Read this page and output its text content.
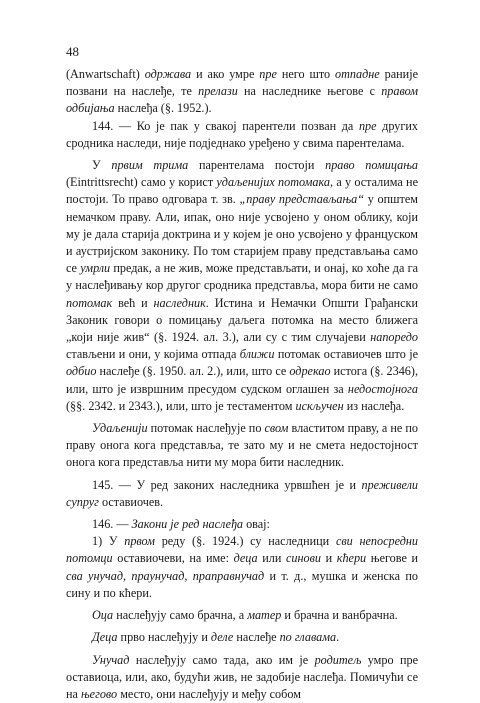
48

(Anwartschaft) одржава и ако умре пре него што отпадне раније позвани на наслеђе, те прелази на наследнике његове с правом одбијања наслеђа (§. 1952.).

144. — Ко је пак у свакој парентели позван да пре других сродника наследи, није подједнако уређено у свима парентелама.

У првим трима парентелама постоји право помицања (Eintrittsrecht) само у корист удаљенијих потомака, а у осталима не постоји. То право одговара т. зв. „праву представљања“ у општем немачком праву. Али, ипак, оно није усвојено у оном облику, који му је дала старија доктрина и у којем је оно усвојено у француском и аустријском законику. По том старијем праву представљања само се умрли предак, а не жив, може представљати, и онај, ко хоће да га у наслеђивању кор другог сродника представља, мора бити не само потомак већ и наследник. Истина и Немачки Општи Грађански Законик говори о помицању даљега потомка на место ближега „који није жив“ (§. 1924. ал. 3.), али су с тим случајеви напоредо стављени и они, у којима отпада ближи потомак оставиочев што је одбио наслеђе (§. 1950. ал. 2.), или, што се одрекао истога (§. 2346), или, што је извршним пресудом судском оглашен за недостојнога (§§. 2342. и 2343.), или, што је тестаментом искључен из наслеђа.

Удаљенији потомак наслеђује по свом властитом праву, а не по праву онога кога представља, те зато му и не смета недостојност онога кога представља нити му мора бити наследник.

145. — У ред законих наследника урвшћен је и преживели супруг оставиочев.

146. — Закони је ред наслеђа овај:

1) У првом реду (§. 1924.) су наследници сви непосредни потомци оставиочеви, на име: деца или синови и кћери његове и сва унучад, праунучад, праправнучад и т. д., мушка и женска по сину и по кћери.

Оца наслеђују само брачна, а матер и брачна и ванбрачна.

Деца прво наслеђују и деле наслеђе по главама.

Унучад наслеђују само тада, ако им је родитељ умро пре оставиоца, или, ако, будући жив, не задобије наслеђа. Помичући се на његово место, они наслеђују и међу собом
